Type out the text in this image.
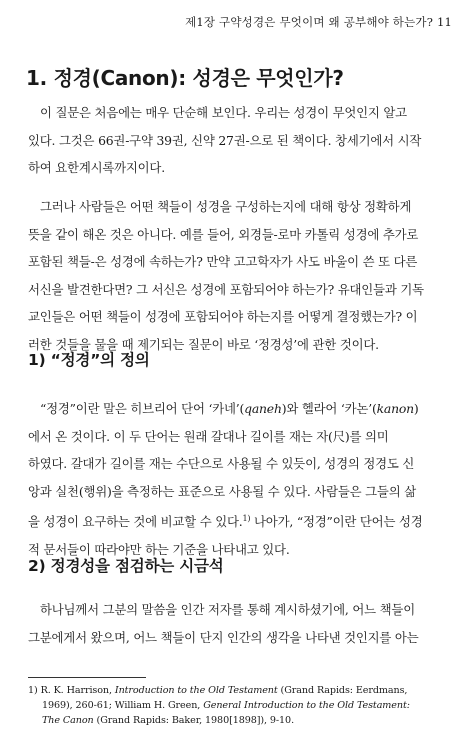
제1장 구약성경은 무엇이며 왜 공부해야 하는가? 11
1. 정경(Canon): 성경은 무엇인가?
이 질문은 처음에는 매우 단순해 보인다. 우리는 성경이 무엇인지 알고
있다. 그것은 66권-구약 39권, 신약 27권-으로 된 책이다. 창세기에서 시작
하여 요한계시록까지이다.
그러나 사람들은 어떤 책들이 성경을 구성하는지에 대해 항상 정확하게
뜻을 같이 해온 것은 아니다. 예를 들어, 외경들-로마 카톨릭 성경에 추가로
포함된 책들-은 성경에 속하는가? 만약 고고학자가 사도 바울이 쓴 또 다른
서신을 발견한다면? 그 서신은 성경에 포함되어야 하는가? 유대인들과 기독
교인들은 어떤 책들이 성경에 포함되어야 하는지를 어떻게 결정했는가? 이
러한 것들을 물을 때 제기되는 질문이 바로 ‘정경성’에 관한 것이다.
1) “정경”의 정의
“정경”이란 말은 히브리어 단어 ‘카네’(qaneh)와 헬라어 ‘카논’(kanon)
에서 온 것이다. 이 두 단어는 원래 갈대나 길이를 재는 자(尺)를 의미
하였다. 갈대가 길이를 재는 수단으로 사용될 수 있듯이, 성경의 정경도 신
앙과 실천(행위)을 측정하는 표준으로 사용될 수 있다. 사람들은 그들의 삶
을 성경이 요구하는 것에 비교할 수 있다.$^{1)}$ 나아가, “정경”이란 단어는 성경
적 문서들이 따라야만 하는 기준을 나타내고 있다.
2) 정경성을 점검하는 시금석
하나님께서 그분의 말씀을 인간 저자를 통해 계시하셨기에, 어느 책들이
그분에게서 왔으며, 어느 책들이 단지 인간의 생각을 나타낸 것인지를 아는
1) R. K. Harrison, Introduction to the Old Testament (Grand Rapids: Eerdmans,
1969), 260-61; William H. Green, General Introduction to the Old Testament:
The Canon (Grand Rapids: Baker, 1980[1898]), 9-10.
